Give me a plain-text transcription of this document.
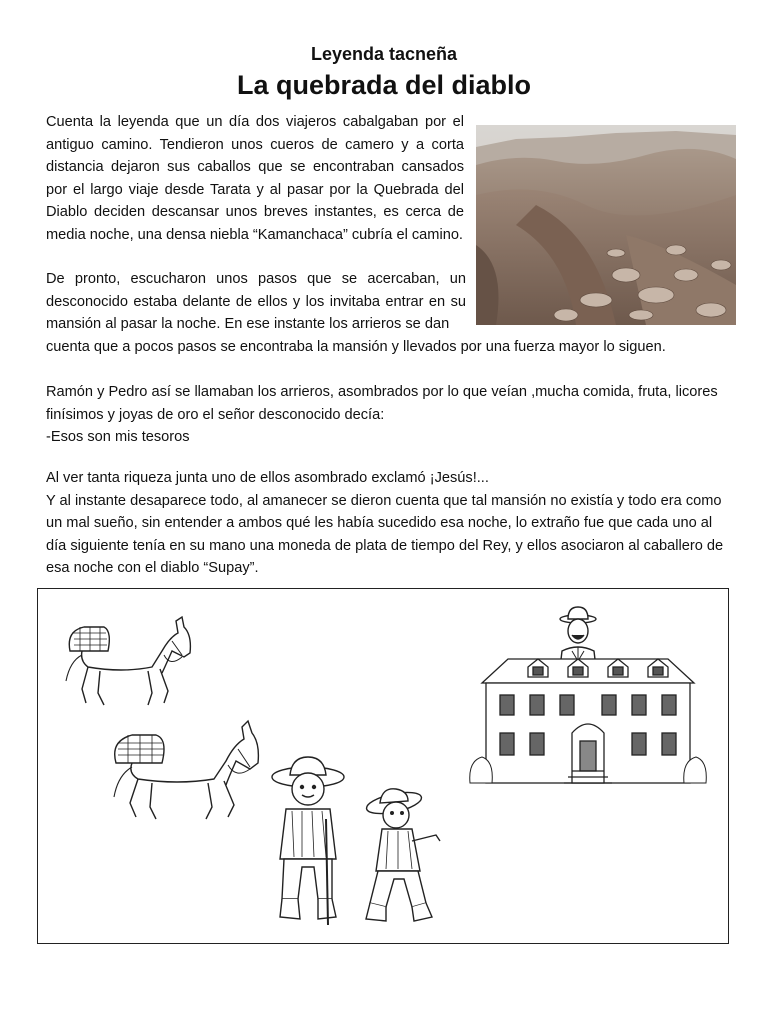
Leyenda tacneña
La quebrada del diablo

Cuenta la leyenda que un día dos viajeros cabalgaban por el antiguo camino. Tendieron unos cueros de camero y a corta distancia dejaron sus caballos que se encontraban cansados por el largo viaje desde Tarata y al pasar por la Quebrada del Diablo deciden descansar unos breves instantes, es cerca de media noche, una densa niebla “Kamanchaca” cubría el camino.

De pronto, escucharon unos pasos que se acercaban, un desconocido estaba delante de ellos y los invitaba entrar en su mansión al pasar la noche. En ese instante los arrieros se dan
cuenta que a pocos pasos se encontraba la mansión y llevados por una fuerza mayor lo siguen.

Ramón y Pedro así se llamaban los arrieros, asombrados por lo que veían ,mucha comida, fruta, licores finísimos y joyas de oro el señor desconocido decía:
-Esos son mis tesoros

Al ver tanta riqueza junta uno de ellos asombrado exclamó ¡Jesús!...
Y al instante desaparece todo, al amanecer se dieron cuenta que tal mansión no existía y todo era como un mal sueño, sin entender a ambos qué les había sucedido esa noche, lo extraño fue que cada uno al día siguiente tenía en su mano una moneda de plata de tiempo del Rey, y ellos asociaron al caballero de esa noche con el diablo “Supay”.
